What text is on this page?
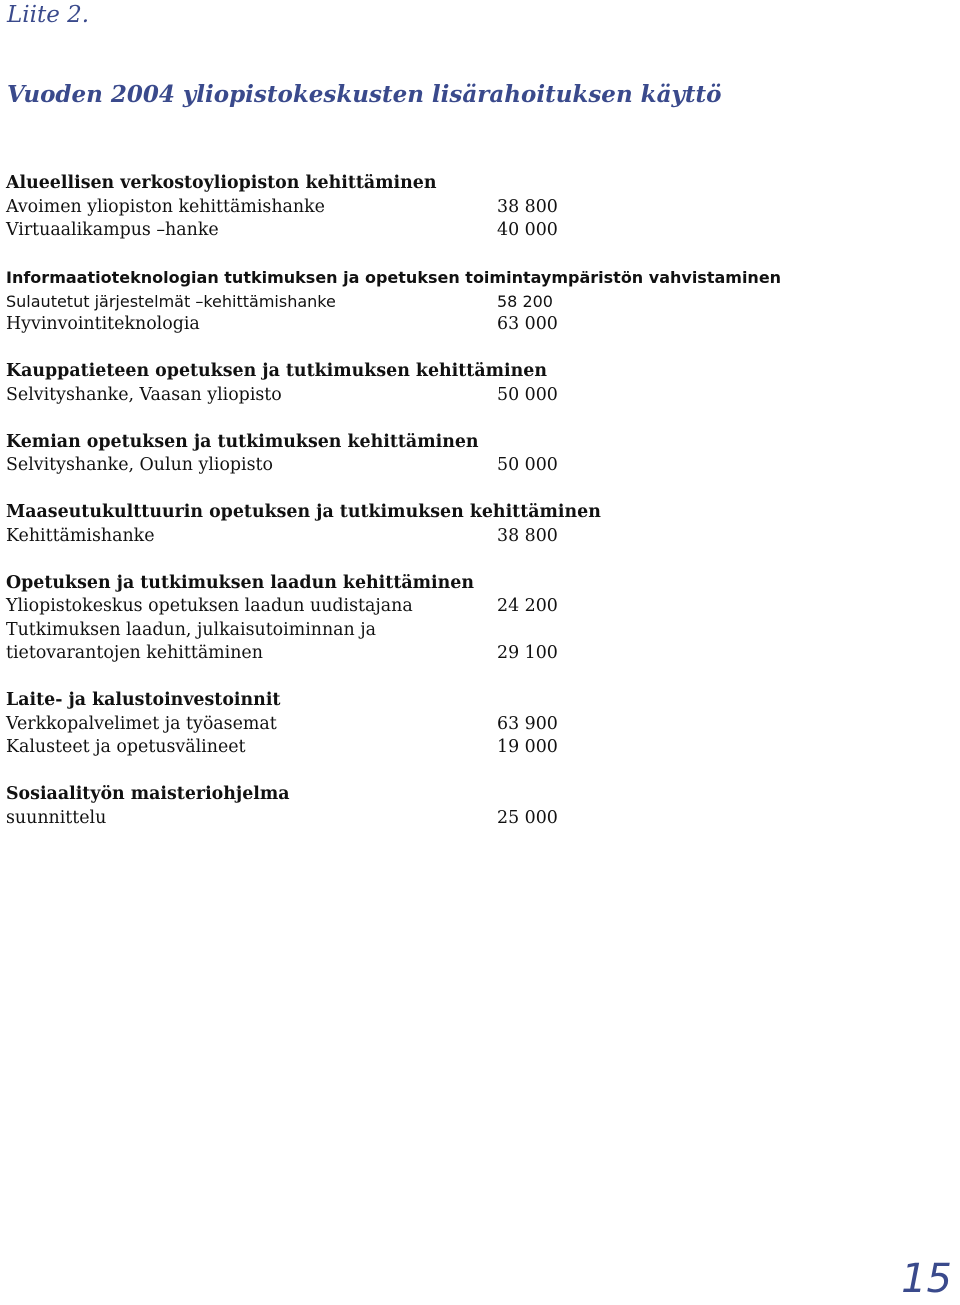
Liite 2.

Vuoden 2004 yliopistokeskusten lisärahoituksen käyttö
Alueellisen verkostoyliopiston kehittäminen
Avoimen yliopiston kehittämishanke	38 800
Virtuaalikampus –hanke	40 000
Informaatioteknologian tutkimuksen ja opetuksen toimintaympäristön vahvistaminen
Sulautetut järjestelmät –kehittämishanke	58 200
Hyvinvointiteknologia	63 000
Kauppatieteen opetuksen ja tutkimuksen kehittäminen
Selvityshanke, Vaasan yliopisto	50 000
Kemian opetuksen ja tutkimuksen kehittäminen
Selvityshanke, Oulun yliopisto	50 000
Maaseutukulttuurin opetuksen ja tutkimuksen kehittäminen
Kehittämishanke	38 800
Opetuksen ja tutkimuksen laadun kehittäminen
Yliopistokeskus opetuksen laadun uudistajana	24 200
Tutkimuksen laadun, julkaisutoiminnan ja
tietovarantojen kehittäminen	29 100
Laite- ja kalustoinvestoinnit
Verkkopalvelimet ja työasemat	63 900
Kalusteet ja opetusvälineet	19 000
Sosiaalityön maisteriohjelma
suunnittelu	25 000

15
